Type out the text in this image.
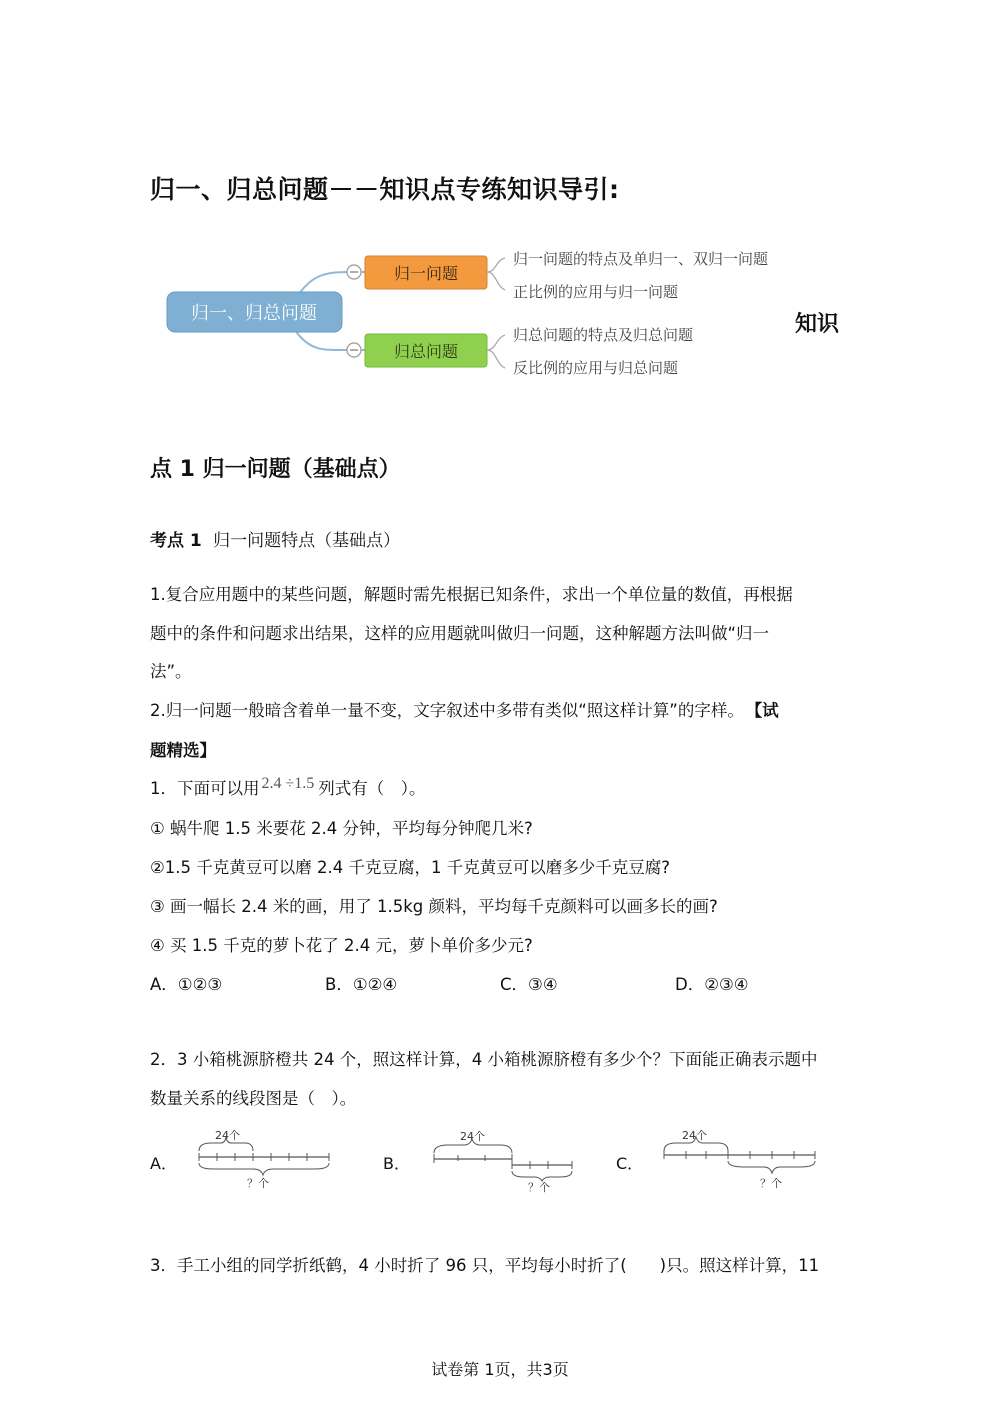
归一、归总问题－－知识点专练知识导引:
归一、归总问题
归一问题
归总问题
归一问题的特点及单归一、双归一问题
正比例的应用与归一问题
归总问题的特点及归总问题
反比例的应用与归总问题
知识
点 1 归一问题（基础点）
考点 1 归一问题特点（基础点）
1.复合应用题中的某些问题，解题时需先根据已知条件，求出一个单位量的数值，再根据
题中的条件和问题求出结果，这样的应用题就叫做归一问题，这种解题方法叫做“归一
法”。
2.归一问题一般暗含着单一量不变，文字叙述中多带有类似“照这样计算”的字样。 【试
题精选】
1．下面可以用 2.4 ÷1.5 列式有（　）。
① 蜗牛爬 1.5 米要花 2.4 分钟，平均每分钟爬几米?
②1.5 千克黄豆可以磨 2.4 千克豆腐，1 千克黄豆可以磨多少千克豆腐?
③ 画一幅长 2.4 米的画，用了 1.5kg 颜料，平均每千克颜料可以画多长的画?
④ 买 1.5 千克的萝卜花了 2.4 元，萝卜单价多少元?
A．①②③	B．①②④	C．③④	D．②③④
2．3 小箱桃源脐橙共 24 个，照这样计算，4 小箱桃源脐橙有多少个？下面能正确表示题中
数量关系的线段图是（　）。
A．	B．	C．
24个
？个
24个
？个
24个
？个
3．手工小组的同学折纸鹤，4 小时折了 96 只，平均每小时折了(　　)只。照这样计算，11
试卷第 1页，共3页
